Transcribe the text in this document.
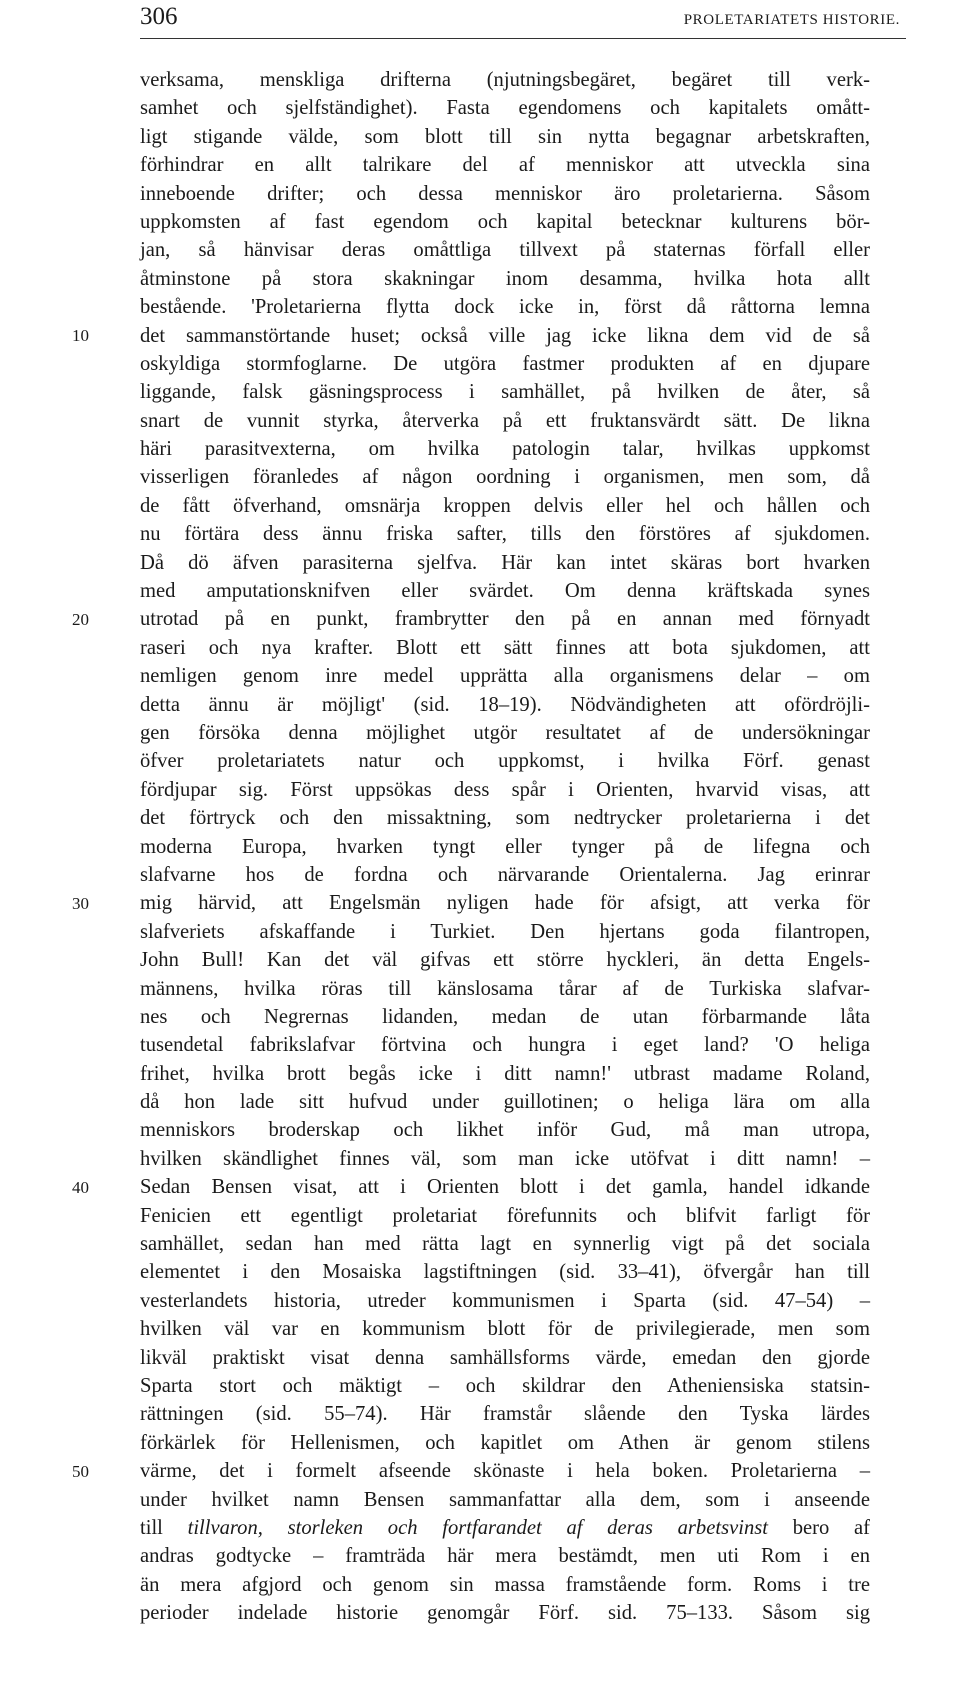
306	PROLETARIATETS HISTORIE.
10
20
30
40
50
verksama, menskliga drifterna (njutningsbegäret, begäret till verk-
samhet och sjelfständighet). Fasta egendomens och kapitalets omått-
ligt stigande välde, som blott till sin nytta begagnar arbetskraften,
förhindrar en allt talrikare del af menniskor att utveckla sina
inneboende drifter; och dessa menniskor äro proletarierna. Såsom
uppkomsten af fast egendom och kapital betecknar kulturens bör-
jan, så hänvisar deras omåttliga tillvext på staternas förfall eller
åtminstone på stora skakningar inom desamma, hvilka hota allt
bestående. 'Proletarierna flytta dock icke in, först då råttorna lemna
det sammanstörtande huset; också ville jag icke likna dem vid de så
oskyldiga stormfoglarne. De utgöra fastmer produkten af en djupare
liggande, falsk gäsningsprocess i samhället, på hvilken de åter, så
snart de vunnit styrka, återverka på ett fruktansvärdt sätt. De likna
häri parasitvexterna, om hvilka patologin talar, hvilkas uppkomst
visserligen föranledes af någon oordning i organismen, men som, då
de fått öfverhand, omsnärja kroppen delvis eller hel och hållen och
nu förtära dess ännu friska safter, tills den förstöres af sjukdomen.
Då dö äfven parasiterna sjelfva. Här kan intet skäras bort hvarken
med amputationsknifven eller svärdet. Om denna kräftskada synes
utrotad på en punkt, frambrytter den på en annan med förnyadt
raseri och nya krafter. Blott ett sätt finnes att bota sjukdomen, att
nemligen genom inre medel upprätta alla organismens delar – om
detta ännu är möjligt' (sid. 18–19). Nödvändigheten att ofördröjli-
gen försöka denna möjlighet utgör resultatet af de undersökningar
öfver proletariatets natur och uppkomst, i hvilka Förf. genast
fördjupar sig. Först uppsökas dess spår i Orienten, hvarvid visas, att
det förtryck och den missaktning, som nedtrycker proletarierna i det
moderna Europa, hvarken tyngt eller tynger på de lifegna och
slafvarne hos de fordna och närvarande Orientalerna. Jag erinrar
mig härvid, att Engelsmän nyligen hade för afsigt, att verka för
slafveriets afskaffande i Turkiet. Den hjertans goda filantropen,
John Bull! Kan det väl gifvas ett större hyckleri, än detta Engels-
männens, hvilka röras till känslosama tårar af de Turkiska slafvar-
nes och Negrernas lidanden, medan de utan förbarmande låta
tusendetal fabrikslafvar förtvina och hungra i eget land? 'O heliga
frihet, hvilka brott begås icke i ditt namn!' utbrast madame Roland,
då hon lade sitt hufvud under guillotinen; o heliga lära om alla
menniskors broderskap och likhet inför Gud, må man utropa,
hvilken skändlighet finnes väl, som man icke utöfvat i ditt namn! –
Sedan Bensen visat, att i Orienten blott i det gamla, handel idkande
Fenicien ett egentligt proletariat förefunnits och blifvit farligt för
samhället, sedan han med rätta lagt en synnerlig vigt på det sociala
elementet i den Mosaiska lagstiftningen (sid. 33–41), öfvergår han till
vesterlandets historia, utreder kommunismen i Sparta (sid. 47–54) –
hvilken väl var en kommunism blott för de privilegierade, men som
likväl praktiskt visat denna samhällsforms värde, emedan den gjorde
Sparta stort och mäktigt – och skildrar den Atheniensiska statsin-
rättningen (sid. 55–74). Här framstår slående den Tyska lärdes
förkärlek för Hellenismen, och kapitlet om Athen är genom stilens
värme, det i formelt afseende skönaste i hela boken. Proletarierna –
under hvilket namn Bensen sammanfattar alla dem, som i anseende
till tillvaron, storleken och fortfarandet af deras arbetsvinst bero af
andras godtycke – framträda här mera bestämdt, men uti Rom i en
än mera afgjord och genom sin massa framstående form. Roms i tre
perioder indelade historie genomgår Förf. sid. 75–133. Såsom sig
